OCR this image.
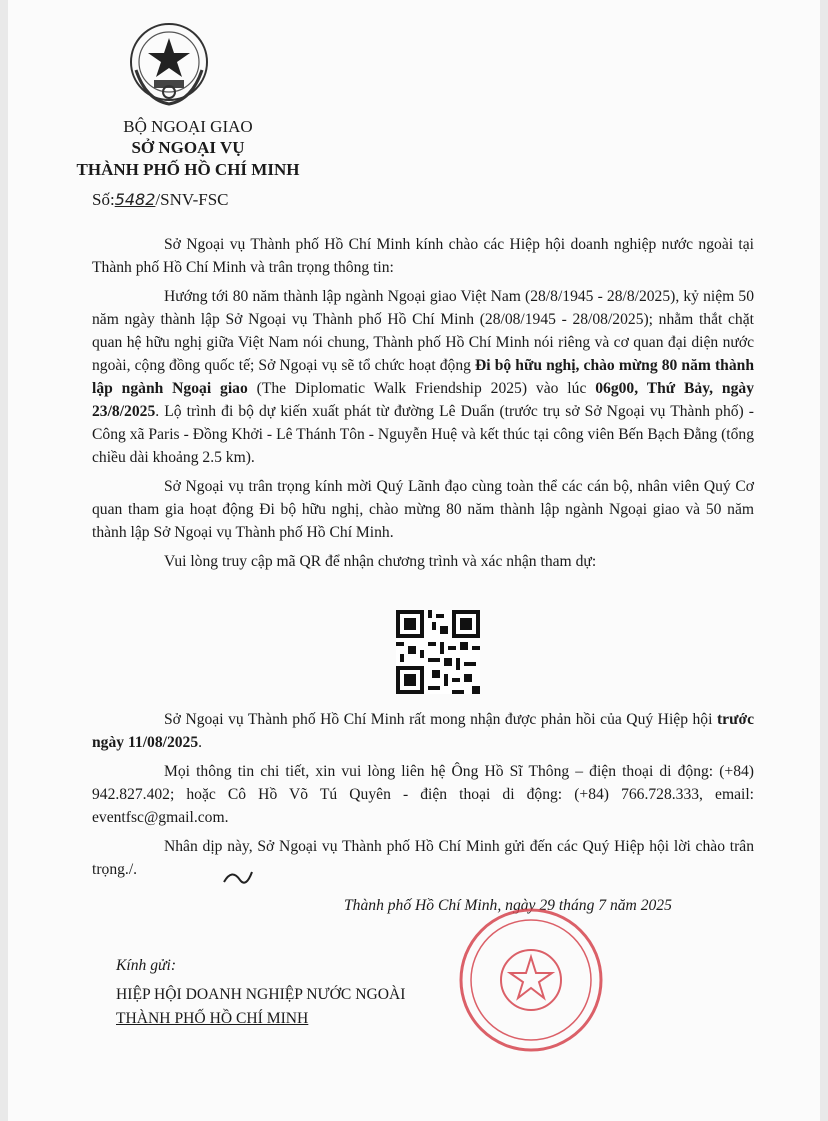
BỘ NGOẠI GIAO
SỞ NGOẠI VỤ
THÀNH PHỐ HỒ CHÍ MINH
Số:5482/SNV-FSC

Sở Ngoại vụ Thành phố Hồ Chí Minh kính chào các Hiệp hội doanh nghiệp nước ngoài tại Thành phố Hồ Chí Minh và trân trọng thông tin:

Hướng tới 80 năm thành lập ngành Ngoại giao Việt Nam (28/8/1945 - 28/8/2025), kỷ niệm 50 năm ngày thành lập Sở Ngoại vụ Thành phố Hồ Chí Minh (28/08/1945 - 28/08/2025); nhằm thắt chặt quan hệ hữu nghị giữa Việt Nam nói chung, Thành phố Hồ Chí Minh nói riêng và cơ quan đại diện nước ngoài, cộng đồng quốc tế; Sở Ngoại vụ sẽ tổ chức hoạt động Đi bộ hữu nghị, chào mừng 80 năm thành lập ngành Ngoại giao (The Diplomatic Walk Friendship 2025) vào lúc 06g00, Thứ Bảy, ngày 23/8/2025. Lộ trình đi bộ dự kiến xuất phát từ đường Lê Duẩn (trước trụ sở Sở Ngoại vụ Thành phố) - Công xã Paris - Đồng Khởi - Lê Thánh Tôn - Nguyễn Huệ và kết thúc tại công viên Bến Bạch Đằng (tổng chiều dài khoảng 2.5 km).

Sở Ngoại vụ trân trọng kính mời Quý Lãnh đạo cùng toàn thể các cán bộ, nhân viên Quý Cơ quan tham gia hoạt động Đi bộ hữu nghị, chào mừng 80 năm thành lập ngành Ngoại giao và 50 năm thành lập Sở Ngoại vụ Thành phố Hồ Chí Minh.

Vui lòng truy cập mã QR để nhận chương trình và xác nhận tham dự:

Sở Ngoại vụ Thành phố Hồ Chí Minh rất mong nhận được phản hồi của Quý Hiệp hội trước ngày 11/08/2025.

Mọi thông tin chi tiết, xin vui lòng liên hệ Ông Hồ Sĩ Thông – điện thoại di động: (+84) 942.827.402; hoặc Cô Hồ Võ Tú Quyên - điện thoại di động: (+84) 766.728.333, email: eventfsc@gmail.com.

Nhân dịp này, Sở Ngoại vụ Thành phố Hồ Chí Minh gửi đến các Quý Hiệp hội lời chào trân trọng./.

Thành phố Hồ Chí Minh, ngày 29 tháng 7 năm 2025
Kính gửi:
HIỆP HỘI DOANH NGHIỆP NƯỚC NGOÀI
THÀNH PHỐ HỒ CHÍ MINH
